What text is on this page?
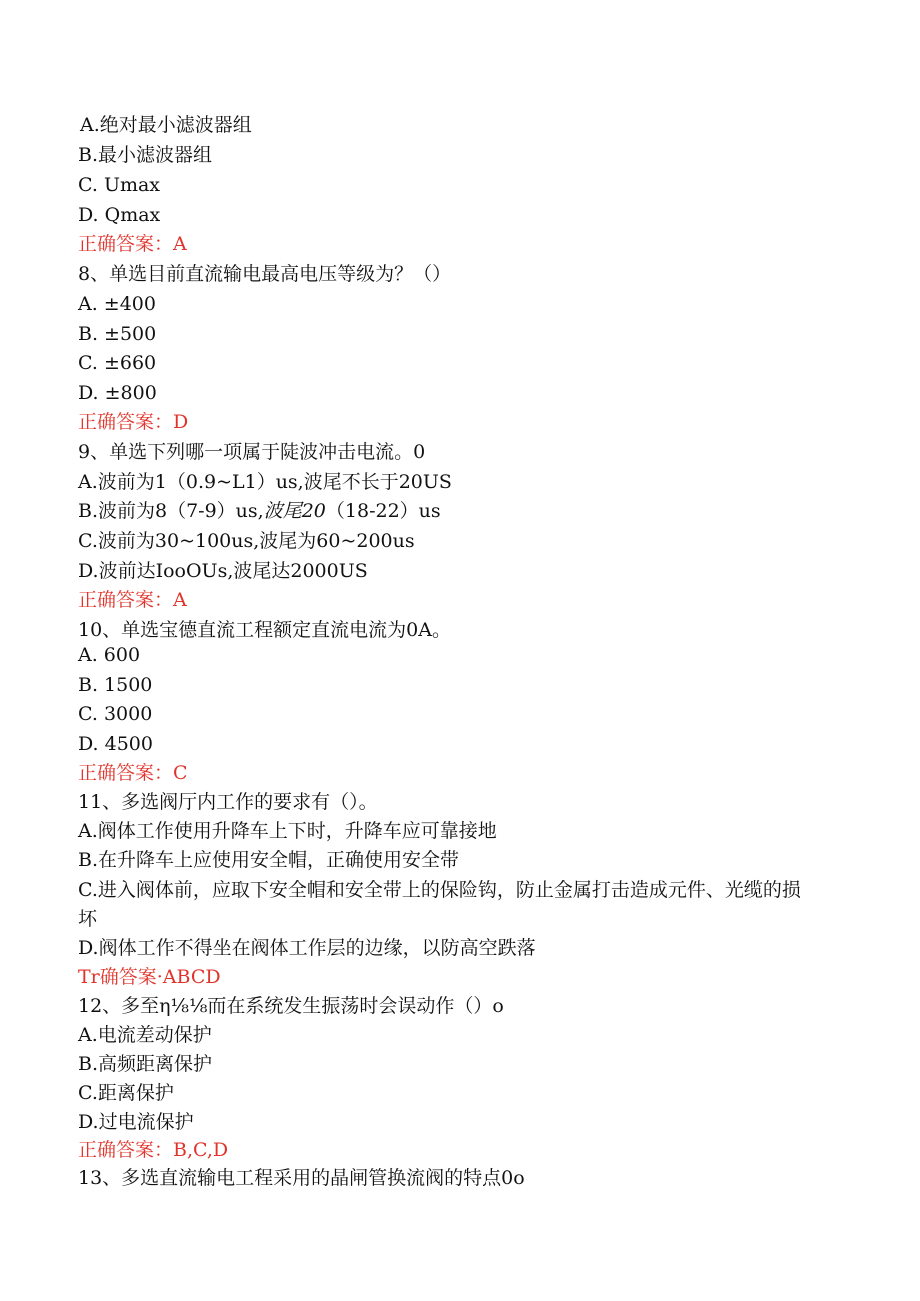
A.绝对最小滤波器组
B.最小滤波器组
C. Umax
D. Qmax
正确答案：A
8、单选目前直流输电最高电压等级为？（）
A. ±400
B. ±500
C. ±660
D. ±800
正确答案：D
9、单选下列哪一项属于陡波冲击电流。0
A.波前为1（0.9~L1）us,波尾不长于20US
B.波前为8（7-9）us,波尾20（18-22）us
C.波前为30~100us,波尾为60~200us
D.波前达IooOUs,波尾达2000US
正确答案：A
10、单选宝德直流工程额定直流电流为0A。
A. 600
B. 1500
C. 3000
D. 4500
正确答案：C
11、多选阀厅内工作的要求有（）。
A.阀体工作使用升降车上下时，升降车应可靠接地
B.在升降车上应使用安全帽，正确使用安全带
C.进入阀体前，应取下安全帽和安全带上的保险钩，防止金属打击造成元件、光缆的损坏
D.阀体工作不得坐在阀体工作层的边缘，以防高空跌落
Tr确答案·ABCD
12、多至η⅛⅛而在系统发生振荡时会误动作（）o
A.电流差动保护
B.高频距离保护
C.距离保护
D.过电流保护
正确答案：B,C,D
13、多选直流输电工程采用的晶闸管换流阀的特点0o
